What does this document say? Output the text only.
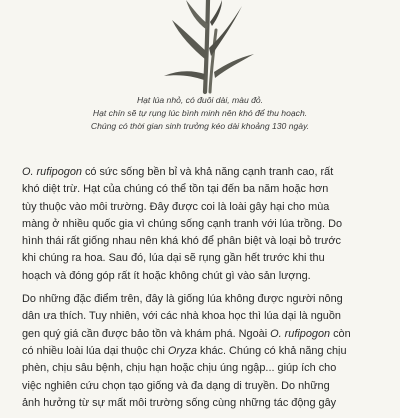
Hạt lúa nhỏ, có đuôi dài, màu đỏ.

Hạt chín sẽ tự rụng lúc bình minh nên khó để thu hoạch.

Chúng có thời gian sinh trưởng kéo dài khoảng 130 ngày.

O. rufipogon có sức sống bền bỉ và khả năng cạnh tranh cao, rất
khó diệt trừ. Hạt của chúng có thể tồn tại đến ba năm hoặc hơn
tùy thuộc vào môi trường. Đây được coi là loài gây hại cho mùa
màng ở nhiều quốc gia vì chúng sống cạnh tranh với lúa trồng. Do
hình thái rất giống nhau nên khá khó để phân biệt và loại bỏ trước
khi chúng ra hoa. Sau đó, lúa dại sẽ rụng gần hết trước khi thu
hoạch và đóng góp rất ít hoặc không chút gì vào sản lượng.

Do những đặc điểm trên, đây là giống lúa không được người nông
dân ưa thích. Tuy nhiên, với các nhà khoa học thì lúa dại là nguồn
gen quý giá cần được bảo tồn và khám phá. Ngoài O. rufipogon còn
có nhiều loài lúa dại thuộc chi Oryza khác. Chúng có khả năng chịu
phèn, chịu sâu bệnh, chịu hạn hoặc chịu úng ngập... giúp ích cho
việc nghiên cứu chọn tạo giống và đa dạng di truyền. Do những
ảnh hưởng từ sự mất môi trường sống cùng những tác động gây
